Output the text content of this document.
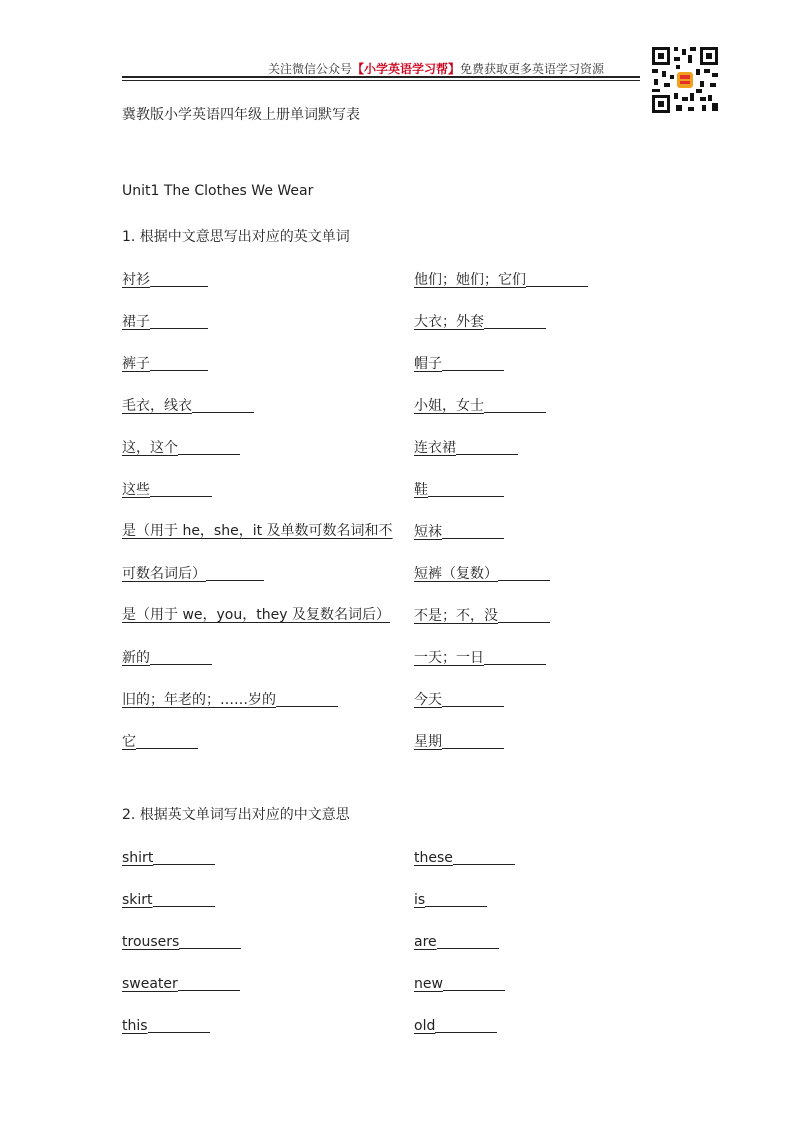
关注微信公众号【小学英语学习帮】免费获取更多英语学习资源
冀教版小学英语四年级上册单词默写表
Unit1 The Clothes We Wear
1. 根据中文意思写出对应的英文单词
衬衫
裙子
裤子
毛衣，线衣
这，这个
这些
是（用于 he，she，it 及单数可数名词和不
可数名词后）
是（用于 we，you，they 及复数名词后）
新的
旧的；年老的；……岁的
它
他们；她们；它们
大衣；外套
帽子
小姐，女士
连衣裙
鞋
短袜
短裤（复数）
不是；不，没
一天；一日
今天
星期
2. 根据英文单词写出对应的中文意思
shirt
skirt
trousers
sweater
this
these
is
are
new
old
